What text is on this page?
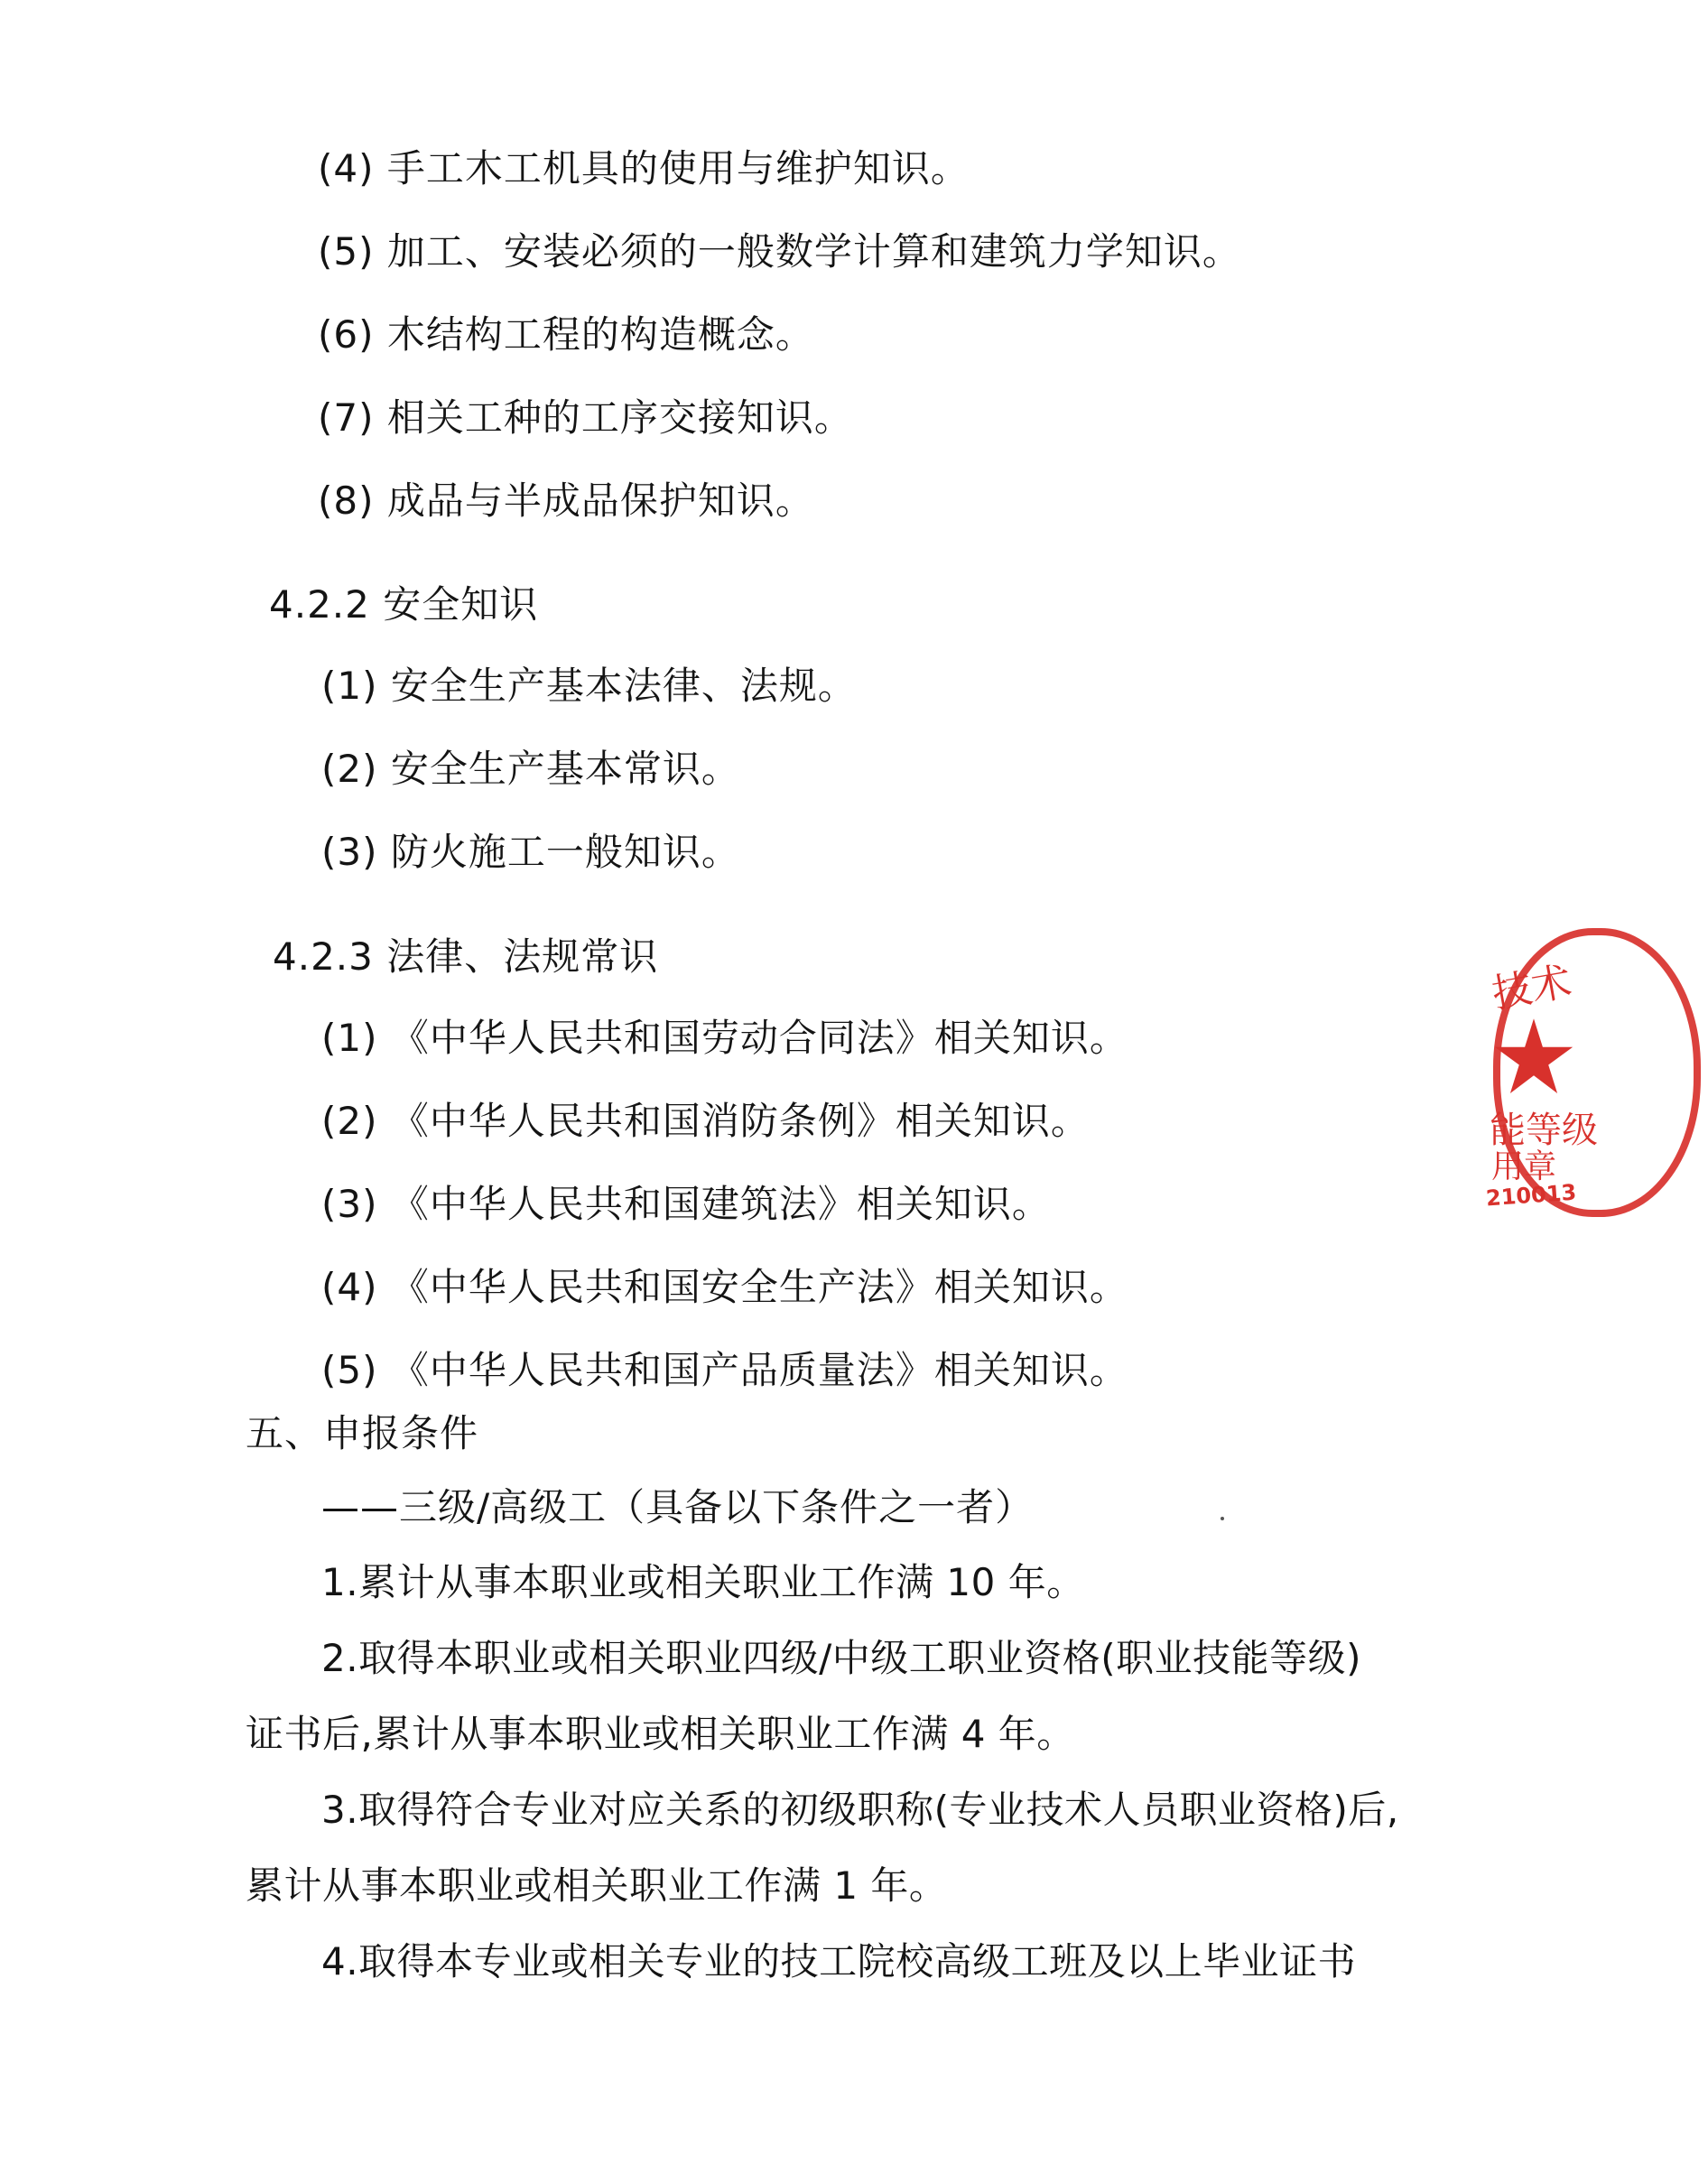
(4) 手工木工机具的使用与维护知识。
(5) 加工、安装必须的一般数学计算和建筑力学知识。
(6) 木结构工程的构造概念。
(7) 相关工种的工序交接知识。
(8) 成品与半成品保护知识。
4.2.2 安全知识
(1) 安全生产基本法律、法规。
(2) 安全生产基本常识。
(3) 防火施工一般知识。
4.2.3 法律、法规常识
(1) 《中华人民共和国劳动合同法》相关知识。
(2) 《中华人民共和国消防条例》相关知识。
(3) 《中华人民共和国建筑法》相关知识。
(4) 《中华人民共和国安全生产法》相关知识。
(5) 《中华人民共和国产品质量法》相关知识。
五、申报条件
——三级/高级工（具备以下条件之一者）
1.累计从事本职业或相关职业工作满 10 年。
2.取得本职业或相关职业四级/中级工职业资格(职业技能等级)
证书后,累计从事本职业或相关职业工作满 4 年。
3.取得符合专业对应关系的初级职称(专业技术人员职业资格)后,
累计从事本职业或相关职业工作满 1 年。
4.取得本专业或相关专业的技工院校高级工班及以上毕业证书
技术
能等级
用章
210013
